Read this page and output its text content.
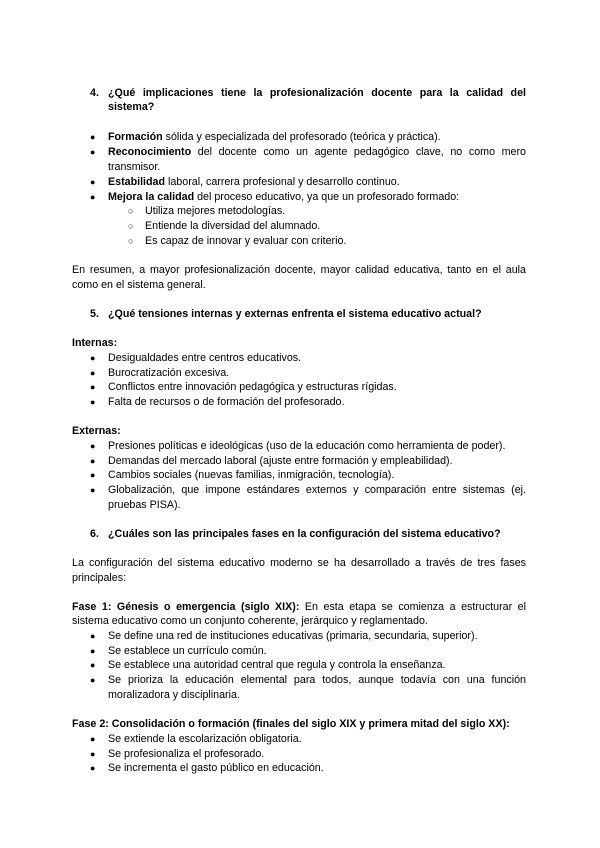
4. ¿Qué implicaciones tiene la profesionalización docente para la calidad del
sistema?
● Formación sólida y especializada del profesorado (teórica y práctica).
● Reconocimiento del docente como un agente pedagógico clave, no como mero
transmisor.
● Estabilidad laboral, carrera profesional y desarrollo continuo.
● Mejora la calidad del proceso educativo, ya que un profesorado formado:
○ Utiliza mejores metodologías.
○ Entiende la diversidad del alumnado.
○ Es capaz de innovar y evaluar con criterio.
En resumen, a mayor profesionalización docente, mayor calidad educativa, tanto en el aula
como en el sistema general.
5. ¿Qué tensiones internas y externas enfrenta el sistema educativo actual?
Internas:
● Desigualdades entre centros educativos.
● Burocratización excesiva.
● Conflictos entre innovación pedagógica y estructuras rígidas.
● Falta de recursos o de formación del profesorado.
Externas:
● Presiones políticas e ideológicas (uso de la educación como herramienta de poder).
● Demandas del mercado laboral (ajuste entre formación y empleabilidad).
● Cambios sociales (nuevas familias, inmigración, tecnología).
● Globalización, que impone estándares externos y comparación entre sistemas (ej.
pruebas PISA).
6. ¿Cuáles son las principales fases en la configuración del sistema educativo?
La configuración del sistema educativo moderno se ha desarrollado a través de tres fases
principales:
Fase 1: Génesis o emergencia (siglo XIX): En esta etapa se comienza a estructurar el
sistema educativo como un conjunto coherente, jerárquico y reglamentado.
● Se define una red de instituciones educativas (primaria, secundaria, superior).
● Se establece un currículo común.
● Se establece una autoridad central que regula y controla la enseñanza.
● Se prioriza la educación elemental para todos, aunque todavía con una función
moralizadora y disciplinaria.
Fase 2: Consolidación o formación (finales del siglo XIX y primera mitad del siglo XX):
● Se extiende la escolarización obligatoria.
● Se profesionaliza el profesorado.
● Se incrementa el gasto público en educación.
